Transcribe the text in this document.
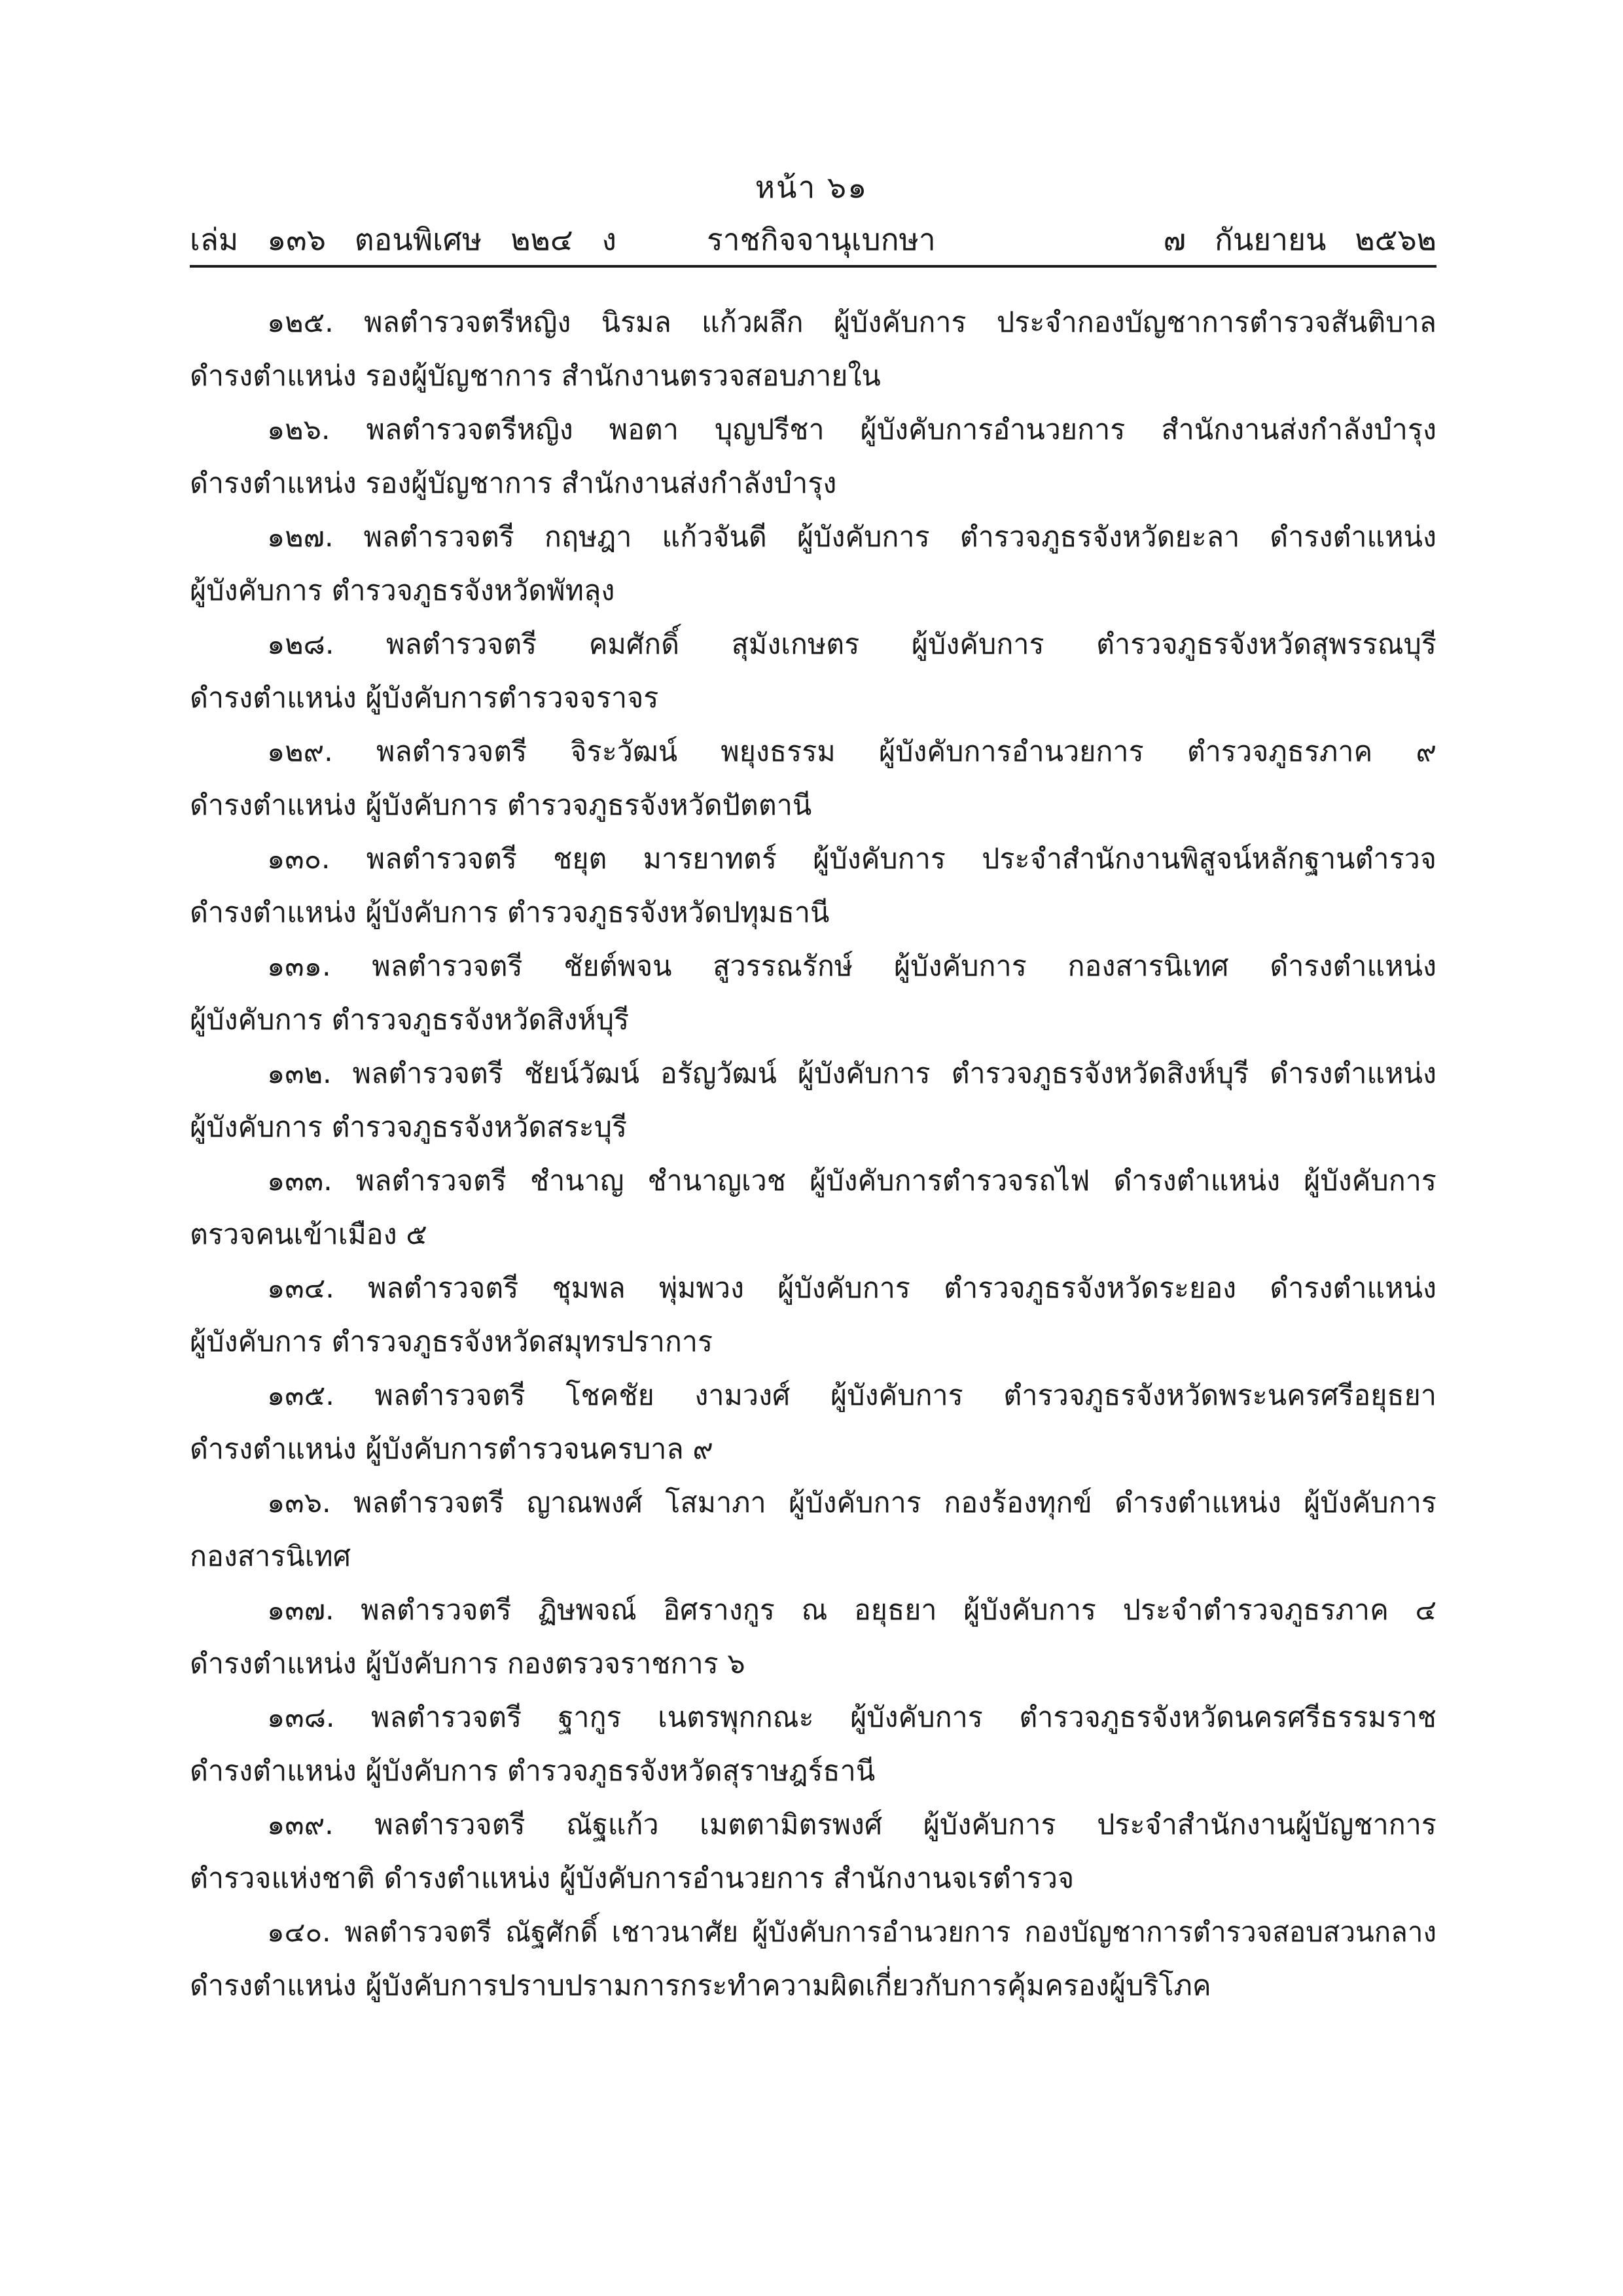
หน้า ๖๑
เล่ม   ๑๓๖   ตอนพิเศษ   ๒๒๔   ง	ราชกิจจานุเบกษา	๗   กันยายน   ๒๕๖๒
๑๒๕. พลตำรวจตรีหญิง นิรมล แก้วผลึก ผู้บังคับการ ประจำกองบัญชาการตำรวจสันติบาล
ดำรงตำแหน่ง รองผู้บัญชาการ สำนักงานตรวจสอบภายใน
๑๒๖. พลตำรวจตรีหญิง พอตา บุญปรีชา ผู้บังคับการอำนวยการ สำนักงานส่งกำลังบำรุง
ดำรงตำแหน่ง รองผู้บัญชาการ สำนักงานส่งกำลังบำรุง
๑๒๗. พลตำรวจตรี กฤษฎา แก้วจันดี ผู้บังคับการ ตำรวจภูธรจังหวัดยะลา ดำรงตำแหน่ง
ผู้บังคับการ ตำรวจภูธรจังหวัดพัทลุง
๑๒๘. พลตำรวจตรี คมศักดิ์ สุมังเกษตร ผู้บังคับการ ตำรวจภูธรจังหวัดสุพรรณบุรี
ดำรงตำแหน่ง ผู้บังคับการตำรวจจราจร
๑๒๙. พลตำรวจตรี จิระวัฒน์ พยุงธรรม ผู้บังคับการอำนวยการ ตำรวจภูธรภาค ๙
ดำรงตำแหน่ง ผู้บังคับการ ตำรวจภูธรจังหวัดปัตตานี
๑๓๐. พลตำรวจตรี ชยุต มารยาทตร์ ผู้บังคับการ ประจำสำนักงานพิสูจน์หลักฐานตำรวจ
ดำรงตำแหน่ง ผู้บังคับการ ตำรวจภูธรจังหวัดปทุมธานี
๑๓๑. พลตำรวจตรี ชัยต์พจน สูวรรณรักษ์ ผู้บังคับการ กองสารนิเทศ ดำรงตำแหน่ง
ผู้บังคับการ ตำรวจภูธรจังหวัดสิงห์บุรี
๑๓๒. พลตำรวจตรี ชัยน์วัฒน์ อรัญวัฒน์ ผู้บังคับการ ตำรวจภูธรจังหวัดสิงห์บุรี ดำรงตำแหน่ง
ผู้บังคับการ ตำรวจภูธรจังหวัดสระบุรี
๑๓๓. พลตำรวจตรี ชำนาญ ชำนาญเวช ผู้บังคับการตำรวจรถไฟ ดำรงตำแหน่ง ผู้บังคับการ
ตรวจคนเข้าเมือง ๕
๑๓๔. พลตำรวจตรี ชุมพล พุ่มพวง ผู้บังคับการ ตำรวจภูธรจังหวัดระยอง ดำรงตำแหน่ง
ผู้บังคับการ ตำรวจภูธรจังหวัดสมุทรปราการ
๑๓๕. พลตำรวจตรี โชคชัย งามวงศ์ ผู้บังคับการ ตำรวจภูธรจังหวัดพระนครศรีอยุธยา
ดำรงตำแหน่ง ผู้บังคับการตำรวจนครบาล ๙
๑๓๖. พลตำรวจตรี ญาณพงศ์ โสมาภา ผู้บังคับการ กองร้องทุกข์ ดำรงตำแหน่ง ผู้บังคับการ
กองสารนิเทศ
๑๓๗. พลตำรวจตรี ฏิษพจณ์ อิศรางกูร ณ อยุธยา ผู้บังคับการ ประจำตำรวจภูธรภาค ๔
ดำรงตำแหน่ง ผู้บังคับการ กองตรวจราชการ ๖
๑๓๘. พลตำรวจตรี ฐากูร เนตรพุกกณะ ผู้บังคับการ ตำรวจภูธรจังหวัดนครศรีธรรมราช
ดำรงตำแหน่ง ผู้บังคับการ ตำรวจภูธรจังหวัดสุราษฎร์ธานี
๑๓๙. พลตำรวจตรี ณัฐแก้ว เมตตามิตรพงศ์ ผู้บังคับการ ประจำสำนักงานผู้บัญชาการ
ตำรวจแห่งชาติ ดำรงตำแหน่ง ผู้บังคับการอำนวยการ สำนักงานจเรตำรวจ
๑๔๐. พลตำรวจตรี ณัฐศักดิ์ เชาวนาศัย ผู้บังคับการอำนวยการ กองบัญชาการตำรวจสอบสวนกลาง
ดำรงตำแหน่ง ผู้บังคับการปราบปรามการกระทำความผิดเกี่ยวกับการคุ้มครองผู้บริโภค
